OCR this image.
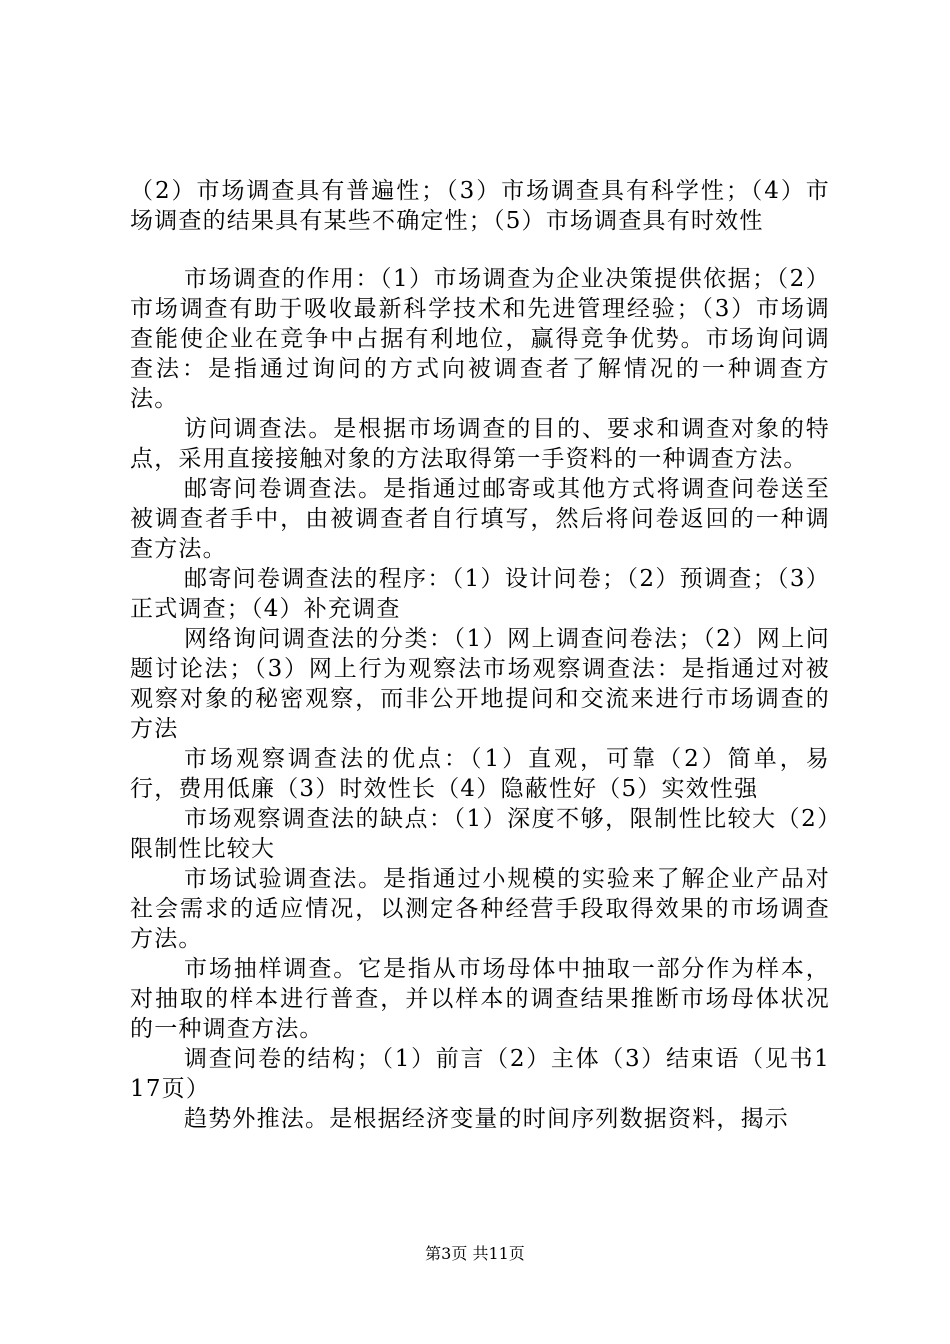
（2）市场调查具有普遍性；（3）市场调查具有科学性；（4）市场调查的结果具有某些不确定性；（5）市场调查具有时效性

市场调查的作用：（1）市场调查为企业决策提供依据；（2）市场调查有助于吸收最新科学技术和先进管理经验；（3）市场调查能使企业在竞争中占据有利地位，赢得竞争优势。市场询问调查法：是指通过询问的方式向被调查者了解情况的一种调查方法。

访问调查法。是根据市场调查的目的、要求和调查对象的特点，采用直接接触对象的方法取得第一手资料的一种调查方法。

邮寄问卷调查法。是指通过邮寄或其他方式将调查问卷送至被调查者手中，由被调查者自行填写，然后将问卷返回的一种调查方法。

邮寄问卷调查法的程序：（1）设计问卷；（2）预调查；（3）正式调查；（4）补充调查

网络询问调查法的分类：（1）网上调查问卷法；（2）网上问题讨论法；（3）网上行为观察法市场观察调查法：是指通过对被观察对象的秘密观察，而非公开地提问和交流来进行市场调查的方法

市场观察调查法的优点：（1）直观，可靠（2）简单，易行，费用低廉（3）时效性长（4）隐蔽性好（5）实效性强

市场观察调查法的缺点：（1）深度不够，限制性比较大（2）限制性比较大

市场试验调查法。是指通过小规模的实验来了解企业产品对社会需求的适应情况，以测定各种经营手段取得效果的市场调查方法。

市场抽样调查。它是指从市场母体中抽取一部分作为样本，对抽取的样本进行普查，并以样本的调查结果推断市场母体状况的一种调查方法。

调查问卷的结构；（1）前言（2）主体（3）结束语（见书117页）

趋势外推法。是根据经济变量的时间序列数据资料，揭示

第3页 共11页
